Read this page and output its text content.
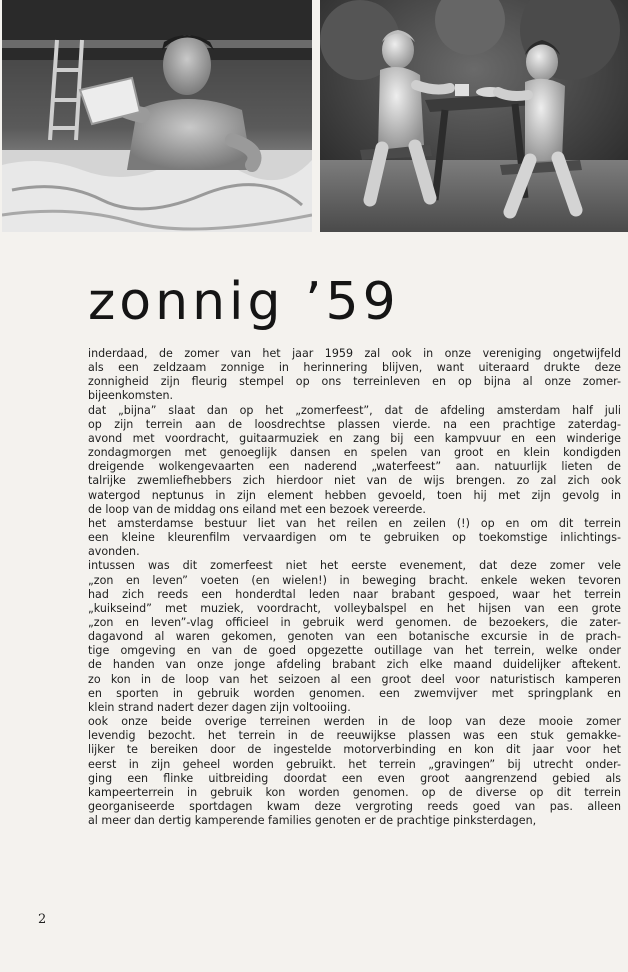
zonnig ’59

inderdaad, de zomer van het jaar 1959 zal ook in onze vereniging ongetwijfeld
als een zeldzaam zonnige in herinnering blijven, want uiteraard drukte deze
zonnigheid zijn fleurig stempel op ons terreinleven en op bijna al onze zomer-
bijeenkomsten.

dat „bijna” slaat dan op het „zomerfeest”, dat de afdeling amsterdam half juli
op zijn terrein aan de loosdrechtse plassen vierde. na een prachtige zaterdag-
avond met voordracht, guitaarmuziek en zang bij een kampvuur en een winderige
zondagmorgen met genoeglijk dansen en spelen van groot en klein kondigden
dreigende wolkengevaarten een naderend „waterfeest” aan. natuurlijk lieten de
talrijke zwemliefhebbers zich hierdoor niet van de wijs brengen. zo zal zich ook
watergod neptunus in zijn element hebben gevoeld, toen hij met zijn gevolg in
de loop van de middag ons eiland met een bezoek vereerde.

het amsterdamse bestuur liet van het reilen en zeilen (!) op en om dit terrein
een kleine kleurenfilm vervaardigen om te gebruiken op toekomstige inlichtings-
avonden.

intussen was dit zomerfeest niet het eerste evenement, dat deze zomer vele
„zon en leven” voeten (en wielen!) in beweging bracht. enkele weken tevoren
had zich reeds een honderdtal leden naar brabant gespoed, waar het terrein
„kuikseind” met muziek, voordracht, volleybalspel en het hijsen van een grote
„zon en leven”-vlag officieel in gebruik werd genomen. de bezoekers, die zater-
dagavond al waren gekomen, genoten van een botanische excursie in de prach-
tige omgeving en van de goed opgezette outillage van het terrein, welke onder
de handen van onze jonge afdeling brabant zich elke maand duidelijker aftekent.
zo kon in de loop van het seizoen al een groot deel voor naturistisch kamperen
en sporten in gebruik worden genomen. een zwemvijver met springplank en
klein strand nadert dezer dagen zijn voltooiing.

ook onze beide overige terreinen werden in de loop van deze mooie zomer
levendig bezocht. het terrein in de reeuwijkse plassen was een stuk gemakke-
lijker te bereiken door de ingestelde motorverbinding en kon dit jaar voor het
eerst in zijn geheel worden gebruikt. het terrein „gravingen” bij utrecht onder-
ging een flinke uitbreiding doordat een even groot aangrenzend gebied als
kampeerterrein in gebruik kon worden genomen. op de diverse op dit terrein
georganiseerde sportdagen kwam deze vergroting reeds goed van pas. alleen
al meer dan dertig kamperende families genoten er de prachtige pinksterdagen,

2
